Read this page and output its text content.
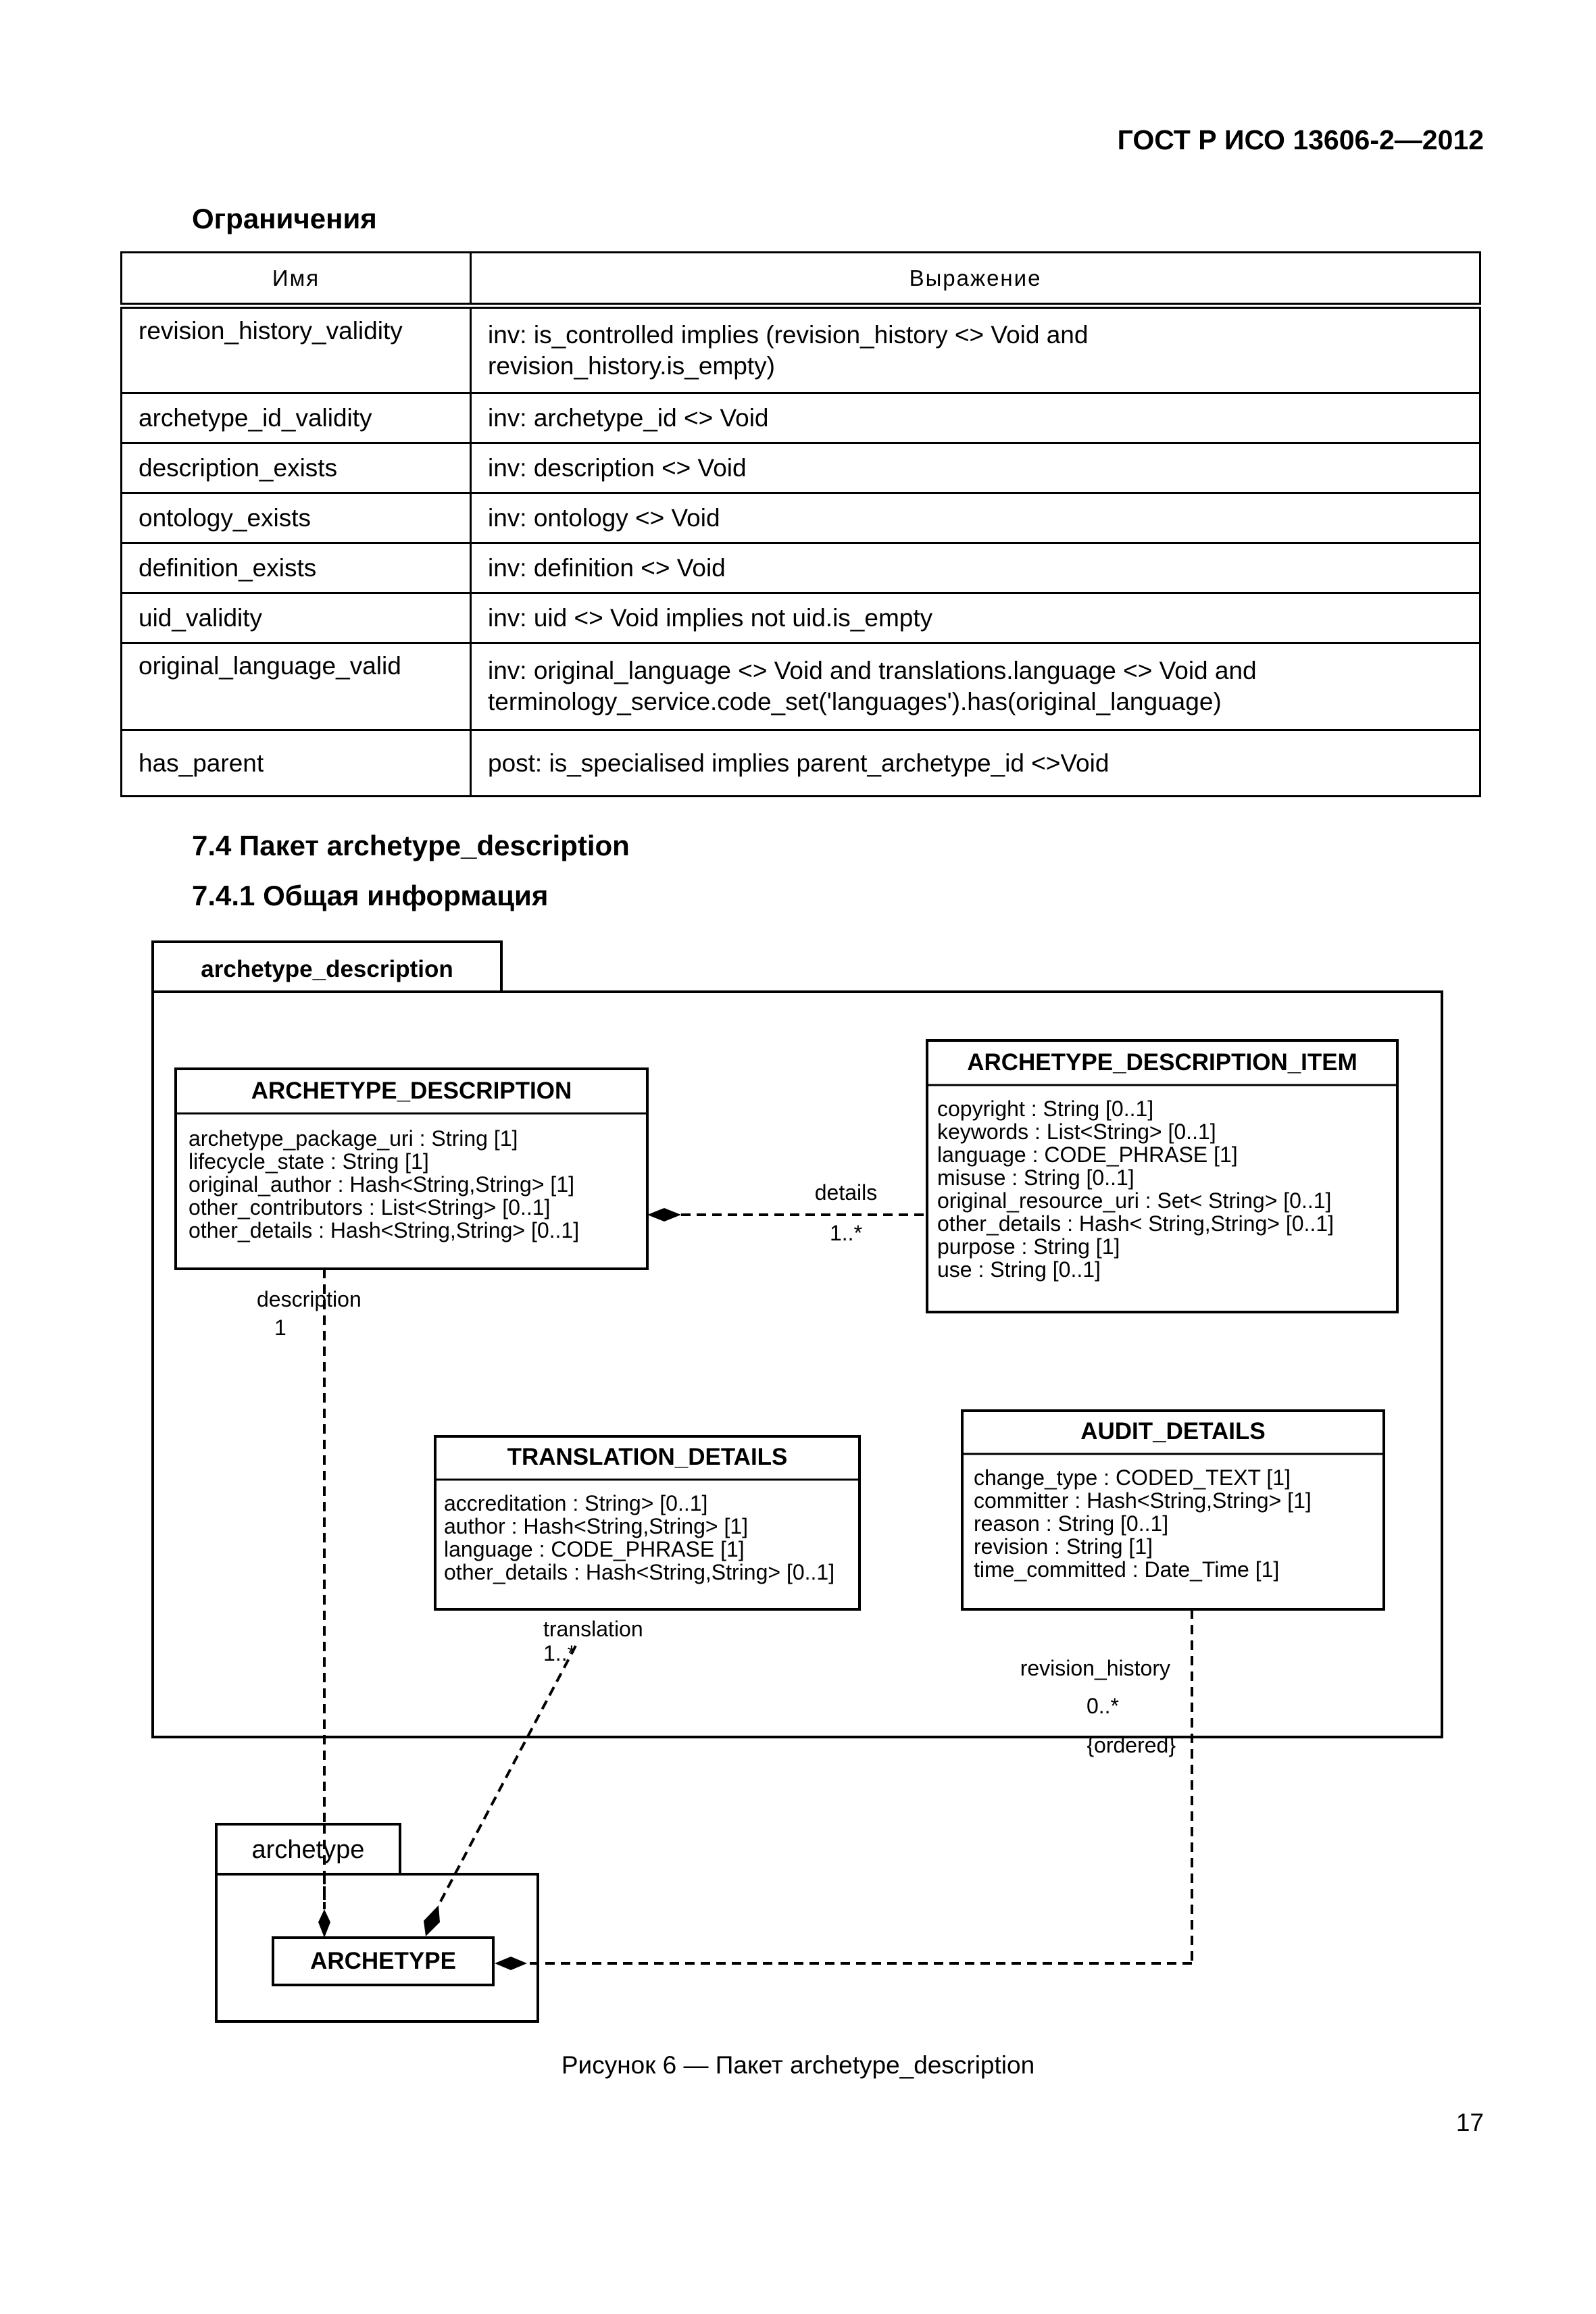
ГОСТ Р ИСО 13606-2—2012
Ограничения
Имя	Выражение
revision_history_validity	inv: is_controlled implies (revision_history <> Void and
revision_history.is_empty)

archetype_id_validity	inv: archetype_id <> Void

description_exists	inv: description <> Void

ontology_exists	inv: ontology <> Void

definition_exists	inv: definition <> Void

uid_validity	inv: uid <> Void implies not uid.is_empty

original_language_valid	inv: original_language <> Void and translations.language <> Void and
terminology_service.code_set('languages').has(original_language)

has_parent	post: is_specialised implies parent_archetype_id <>Void
7.4 Пакет archetype_description
7.4.1 Общая информация
archetype_description
ARCHETYPE_DESCRIPTION
archetype_package_uri : String [1] lifecycle_state : String [1] original_author : Hash<String,String> [1] other_contributors : List<String> [0..1] other_details : Hash<String,String> [0..1]
ARCHETYPE_DESCRIPTION_ITEM
copyright : String [0..1] keywords : List<String> [0..1] language : CODE_PHRASE [1] misuse : String [0..1] original_resource_uri : Set< String> [0..1] other_details : Hash< String,String> [0..1] purpose : String [1] use : String [0..1]
TRANSLATION_DETAILS
accreditation : String> [0..1] author : Hash<String,String> [1] language : CODE_PHRASE [1] other_details : Hash<String,String> [0..1]
AUDIT_DETAILS
change_type : CODED_TEXT [1] committer : Hash<String,String> [1] reason : String [0..1] revision : String [1] time_committed : Date_Time [1]
details
1..*
description
1
translation
1..*
revision_history
0..*
{ordered}
archetype
ARCHETYPE
Рисунок 6 — Пакет archetype_description
17
